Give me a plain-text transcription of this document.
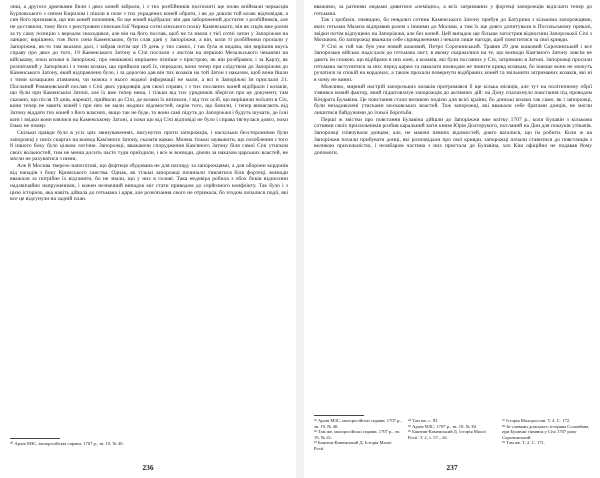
лиш, а другого дрючками били і двох коней забрали, і з тих розбійників посполиті ще полю впіймали черкасців Бурловського з сином Кирилом і пішли в поле з тих украдених коней обрати, і як до дошли той козак відповідав, а син його признався, що він коней поповнив, бо ще коней відібрали; він дав заборонений достатнє з розбійників, але не доставили, тому його з реєстровим спискам Ілії Чирика сотні кінського полку Каменського, він як сидів вже разом за ту саму позицію з вередом знаходився, але він на його послав, щоб не та взяли з тієї сотні затон у Запоріжжя на ланцюг, вирішено, тож його сина Каменською, бути слав дані у Запоріжжя, а він, коли ті розбійники пропали у Запоріжжя, як-то там вказано далі, і забрав потім ще 19 день у тих самих, і так була ж видача, він вирішив якусь справу про двох до того, 19 Каменського Затону в Січі послали з листом на першою Мезальського чекаючи на військову, поки козаки в Запоріжжі, про мешкаючі вирішено пізніше з пристрою, як він розібрався, і за Карлу, як розпитаний у Запоріжжі і з тими козаки, що прийшли щоб їх, передали, вони тепер при слідством до Запоріжжя до Каменського Затону, який відправлено було, і за дорогою дав він тих козаків на той Затон з наказом, щоб вони йшли з тими козацьким атаманом, чи можна з нього жодної інформації не мали, а всі в Запоріжжі їм прислали 21. Посланий Романовський послав з Січі двох урядовців для своєї справи, і з тих посланих коней відібрали і козаків, що були при Каменськім Затоні, але їх вже тепер нема, і тільки від тих урядників зберігся про це документ, там сказано, що після 19 днів, нарешті, прийшли до Січі, де козаки їх впізнали, і від тих осіб, що вирішили поїхати в Січ, вони тепер не мають коней і при них не мали жодних відомостей, окрім того, що бачили, і тепер вимагають від Затону віддати тих коней з його власних, якщо так не буде, то вони самі підуть до Запоріжжя і будуть шукати, де їхні коні і звідки вони взялися на Каменському Затоні, а поки що від Січі відповіді не було і справа тягнулася довго, поки Ілько не помер.

Скільки правди було в усіх цих звинуваченнях, висунутих проти запорожців, і наскільки безсторонніми були запорожці у своїх скаргах на воєвод Кам'яного Затону, сказати важко. Можна тільки зауважити, що озлоблення з того й іншого боку було цілком логічне. Запорожці, вважаючи спорудження Кам'яного Затону біля самої Січі утиском своїх вольностей, тим не менш досить часто туди приїздили, і все ж воєводи, діючи за наказом царських властей, не могли не рахуватися з ними.

Але й Москва тверезо напоготові, що фортеця збудована не для нагляду за запорожцями, а для оборони кордонів від нападів з боку Кримського ханства. Однак, як тільки запорожці починали з'являтися біля фортеці, воєводи вважали за потрібне їх відганяти, бо не знали, що у них в голові. Така недовіра робила з обох боків відносини надзвичайно напруженими, і кожен незначний випадок міг стати приводом до серйозного конфлікту. Так було і з цією історією, яка навіть дійшла до гетьмана і царя, але розв'язання свого не отримала, бо згодом почалися події, які все це відсунули на задній план.

²⁰ Архів МЗС, малоросійські справи, 1707 р., зв. 19, № 40.
236

вважимо, за ратними людьми дивитися «пеміцно», а всіх затриманих у фортеці запорожців відіслати тепер до гетьмана.

Так і зробили, очевидно, бо невдовзі сотник Каменського Затону прибув до Батурина з кількома запорожцями, яких гетьман Мазепа відправив разом з іншими до Москви, а там їх ще довго допитували в Посольському приказі, звідки потім відпущено на Запоріжжя, але без коней. Цей випадок ще більше загострив відносини Запорозької Січі з Москвою, бо запорожці вважали себе скривдженими і чекали лише нагоди, щоб помститися за свої кривди.

У Січі ж той час був уже новий кошовий, Петро Сорочинський. Травня 29 дня кошовий Сорочинський і все Запорозьке військо надіслали до гетьмана лист, в якому скаржилися на те, що воєводи Кам'яного Затону зовсім не дають їм спокою, що відібрано в них коні, а козаків, які були посланих у Січ, затримано в Затоні. Запорожці просили гетьмана заступитися за них перед царем та наказати воєводам не чинити кривд козакам, бо інакше вони не можуть ручатися за спокій на кордонах, а також прохали повернути відібраних коней та звільнити затриманих козаків, які ні в чому не винні.

Можливо, мирний настрій запорозьких козаків протримався б ще кілька місяців, але тут на політичному обрії з'явився новий фактор, який підштовхнув запорожців до активних дій: на Дону спалахнуло повстання під проводом Кіндрата Булавіна. Це повстання стало великою подією для всієї країни, бо донські козаки так само, як і запорожці, були незадоволені утисками московських властей. Тож запорожці, які вважали себе братами донців, не могли лишитися байдужими до їхньої боротьби.

Перші ж звістки про повстання Булавіна дійшли до Запоріжжя вже влітку 1707 р., коли Булавін з кількома сотнями своїх прихильників розбив каральний загін князя Юрія Долгорукого, посланий на Дон для пошуків утікачів. Запорожці співчували донцям, але, не маючи певних відомостей, довго вагалися, що їм робити. Коли ж на Запоріжжя почали прибувати донці, які розповідали про свої кривди, запорожці почали ставитися до повстанців з великою прихильністю, і незабаром частина з них пристала до Булавіна, хоч Кіш офіційно не подавав йому допомоги.

²¹ Архів МЗС, малоросійські справи, 1707 р., зв. 19, № 40.
²² Там же, малоросійські справи, 1707 р., зв. 19, № 41.
²³ Бантиш-Каменський Д. Історія Малої Росії.
²⁴ Там же, с. 83.
²⁵ Архів МЗС, 1707 р., зв. 19, № 38.
²⁶ Бантиш-Каменський Д. Історія Малої Росії. Т. 2, с. 57—61.
²⁷ Історія Малороссии. Т. 4. С. 172.
²⁸ За словами донського історика Соловйова, при Булавіні з'явився у Січі 1707 року Сорочинський.
²⁹ Там же. Т. 2. С. 171.
237
